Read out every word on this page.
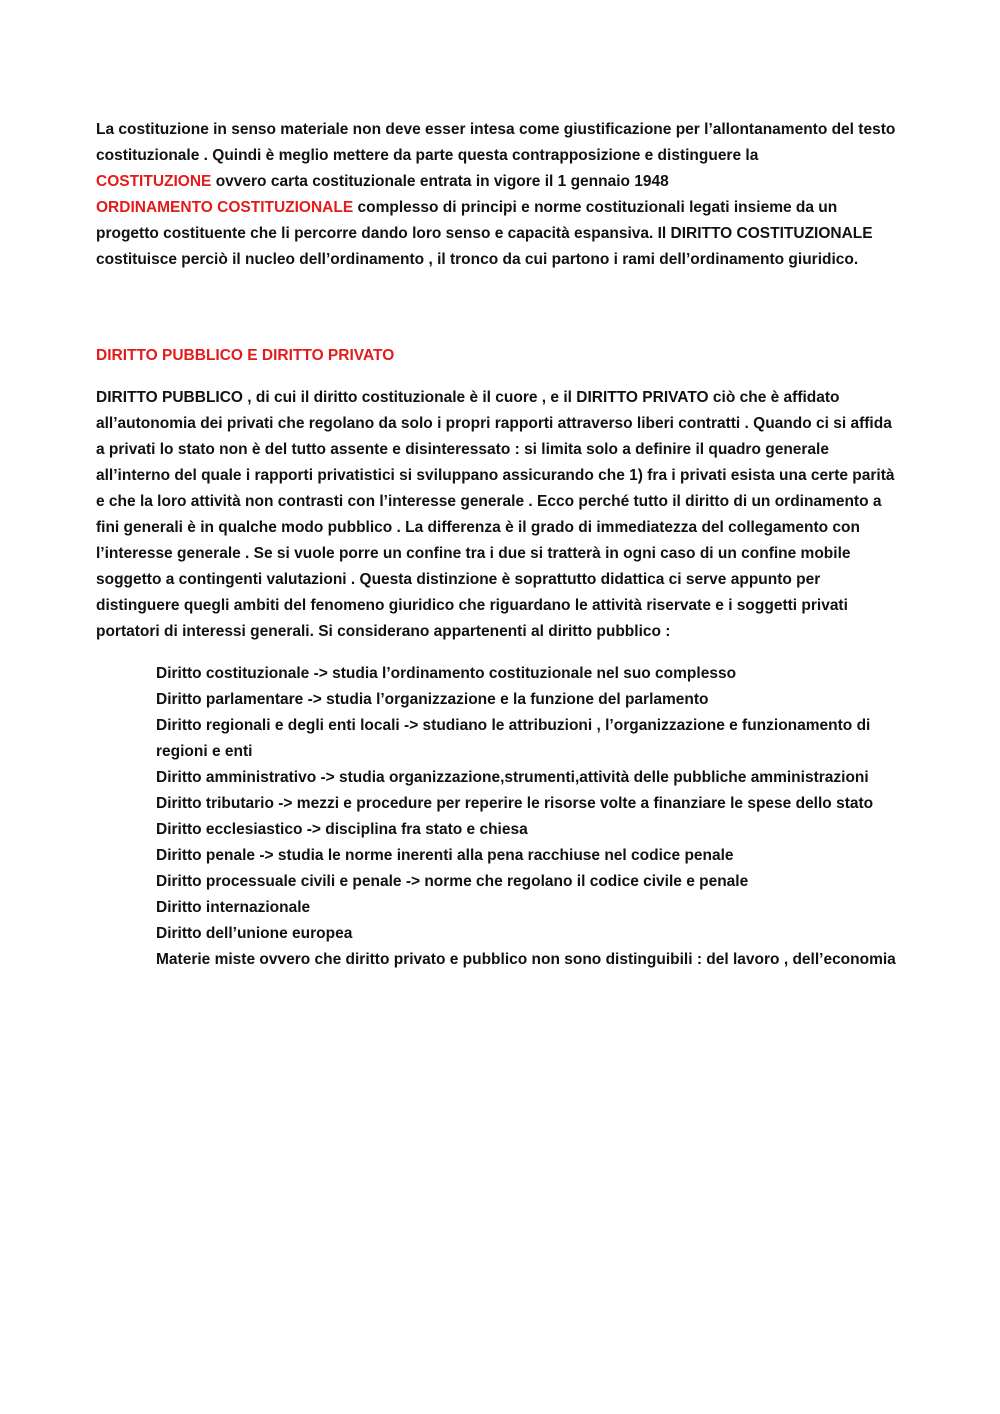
La costituzione in senso materiale non deve esser intesa come giustificazione per l’allontanamento del testo costituzionale . Quindi è meglio mettere da parte questa contrapposizione e distinguere la
COSTITUZIONE ovvero carta costituzionale entrata in vigore il 1 gennaio 1948
ORDINAMENTO COSTITUZIONALE complesso di principi e norme costituzionali legati insieme da un progetto costituente che li percorre dando loro senso e capacità espansiva. Il DIRITTO COSTITUZIONALE costituisce perciò il nucleo dell’ordinamento , il tronco da cui partono i rami dell’ordinamento giuridico.

DIRITTO PUBBLICO E DIRITTO PRIVATO

DIRITTO PUBBLICO , di cui il diritto costituzionale è il cuore , e il DIRITTO PRIVATO ciò che è affidato all’autonomia dei privati che regolano da solo i propri rapporti attraverso liberi contratti . Quando ci si affida a privati lo stato non è del tutto assente e disinteressato : si limita solo a definire il quadro generale all’interno del quale i rapporti privatistici si sviluppano assicurando che 1) fra i privati esista una certe parità e che la loro attività non contrasti con l’interesse generale . Ecco perché tutto il diritto di un ordinamento a fini generali è in qualche modo pubblico . La differenza è il grado di immediatezza del collegamento con l’interesse generale . Se si vuole porre un confine tra i due si tratterà in ogni caso di un confine mobile soggetto a contingenti valutazioni . Questa distinzione è soprattutto didattica ci serve appunto per distinguere quegli ambiti del fenomeno giuridico che riguardano le attività riservate e i soggetti privati portatori di interessi generali. Si considerano appartenenti al diritto pubblico :

Diritto costituzionale -> studia l’ordinamento costituzionale nel suo complesso
Diritto parlamentare -> studia l’organizzazione e la funzione del parlamento
Diritto regionali e degli enti locali -> studiano le attribuzioni , l’organizzazione e funzionamento di regioni e enti
Diritto amministrativo -> studia organizzazione,strumenti,attività delle pubbliche amministrazioni
Diritto tributario -> mezzi e procedure per reperire le risorse volte a finanziare le spese dello stato
Diritto ecclesiastico -> disciplina fra stato e chiesa
Diritto penale -> studia le norme inerenti alla pena racchiuse nel codice penale
Diritto processuale civili e penale -> norme che regolano il codice civile e penale
Diritto internazionale
Diritto dell’unione europea
Materie miste ovvero che diritto privato e pubblico non sono distinguibili : del lavoro , dell’economia
